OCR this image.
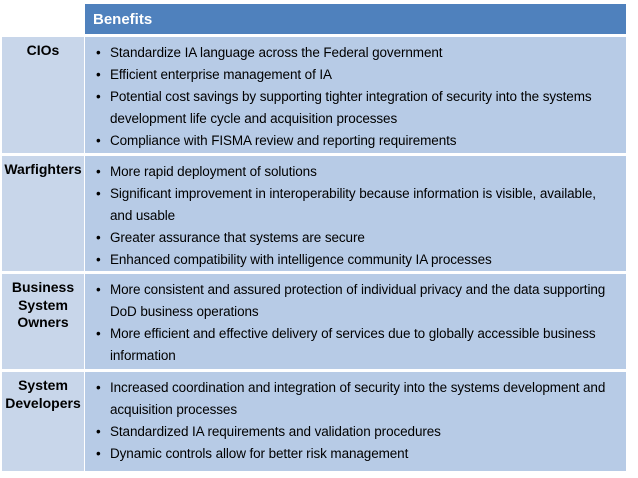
Benefits
CIOs	• Standardize IA language across the Federal government
• Efficient enterprise management of IA
• Potential cost savings by supporting tighter integration of security into the systems development life cycle and acquisition processes
• Compliance with FISMA review and reporting requirements
Warfighters • More rapid deployment of solutions
• Significant improvement in interoperability because information is visible, available, and usable
• Greater assurance that systems are secure
• Enhanced compatibility with intelligence community IA processes
Business System Owners
• More consistent and assured protection of individual privacy and the data supporting DoD business operations
• More efficient and effective delivery of services due to globally accessible business information
System Developers
• Increased coordination and integration of security into the systems development and acquisition processes
• Standardized IA requirements and validation procedures
• Dynamic controls allow for better risk management
